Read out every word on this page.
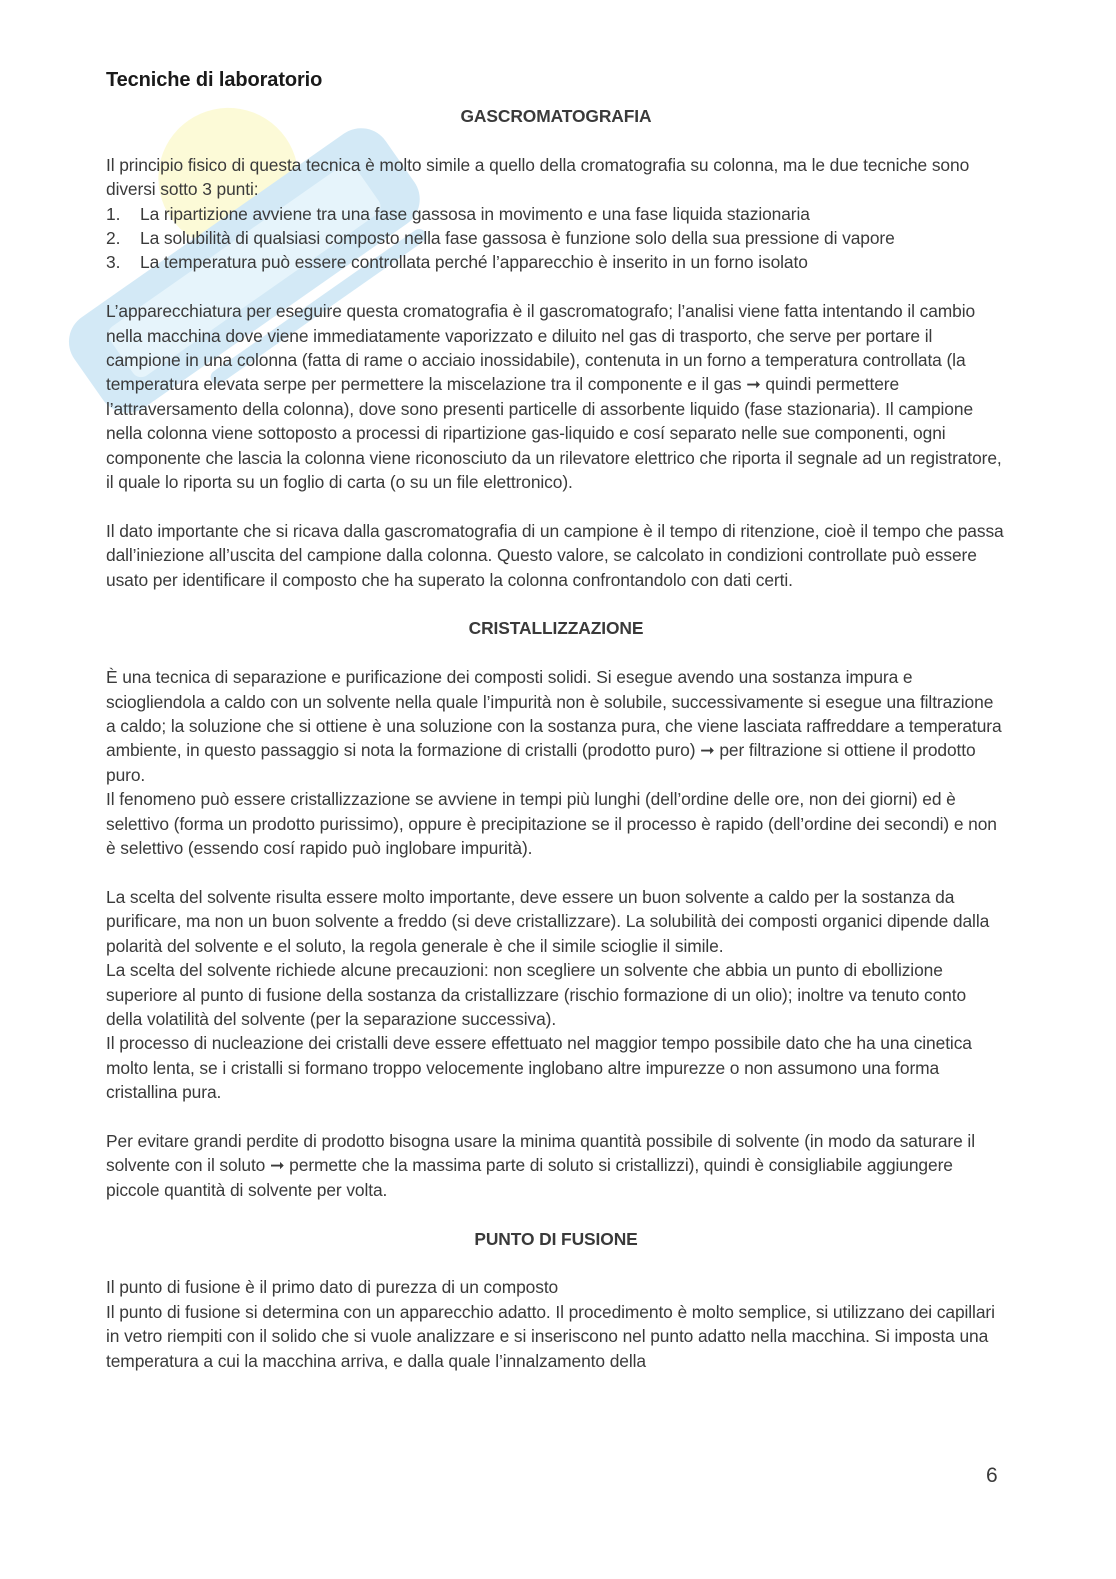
Tecniche di laboratorio
GASCROMATOGRAFIA

Il principio fisico di questa tecnica è molto simile a quello della cromatografia su colonna, ma le due tecniche sono diversi sotto 3 punti:

1.	La ripartizione avviene tra una fase gassosa in movimento e una fase liquida stazionaria
2.	La solubilità di qualsiasi composto nella fase gassosa è funzione solo della sua pressione di vapore
3.	La temperatura può essere controllata perché l’apparecchio è inserito in un forno isolato

L’apparecchiatura per eseguire questa cromatografia è il gascromatografo; l’analisi viene fatta intentando il cambio nella macchina dove viene immediatamente vaporizzato e diluito nel gas di trasporto, che serve per portare il campione in una colonna (fatta di rame o acciaio inossidabile), contenuta in un forno a temperatura controllata (la temperatura elevata serpe per permettere la miscelazione tra il componente e il gas ➞ quindi permettere l’attraversamento della colonna), dove sono presenti particelle di assorbente liquido (fase stazionaria). Il campione nella colonna viene sottoposto a processi di ripartizione gas-liquido e cosí separato nelle sue componenti, ogni componente che lascia la colonna viene riconosciuto da un rilevatore elettrico che riporta il segnale ad un registratore, il quale lo riporta su un foglio di carta (o su un file elettronico).

Il dato importante che si ricava dalla gascromatografia di un campione è il tempo di ritenzione, cioè il tempo che passa dall’iniezione all’uscita del campione dalla colonna. Questo valore, se calcolato in condizioni controllate può essere usato per identificare il composto che ha superato la colonna confrontandolo con dati certi.

CRISTALLIZZAZIONE

È una tecnica di separazione e purificazione dei composti solidi. Si esegue avendo una sostanza impura e sciogliendola a caldo con un solvente nella quale l’impurità non è solubile, successivamente si esegue una filtrazione a caldo; la soluzione che si ottiene è una soluzione con la sostanza pura, che viene lasciata raffreddare a temperatura ambiente, in questo passaggio si nota la formazione di cristalli (prodotto puro) ➞ per filtrazione si ottiene il prodotto puro.

Il fenomeno può essere cristallizzazione se avviene in tempi più lunghi (dell’ordine delle ore, non dei giorni) ed è selettivo (forma un prodotto purissimo), oppure è precipitazione se il processo è rapido (dell’ordine dei secondi) e non è selettivo (essendo cosí rapido può inglobare impurità).

La scelta del solvente risulta essere molto importante, deve essere un buon solvente a caldo per la sostanza da purificare, ma non un buon solvente a freddo (si deve cristallizzare). La solubilità dei composti organici dipende dalla polarità del solvente e el soluto, la regola generale è che il simile scioglie il simile.

La scelta del solvente richiede alcune precauzioni: non scegliere un solvente che abbia un punto di ebollizione superiore al punto di fusione della sostanza da cristallizzare (rischio formazione di un olio); inoltre va tenuto conto della volatilità del solvente (per la separazione successiva).

Il processo di nucleazione dei cristalli deve essere effettuato nel maggior tempo possibile dato che ha una cinetica molto lenta, se i cristalli si formano troppo velocemente inglobano altre impurezze o non assumono una forma cristallina pura.

Per evitare grandi perdite di prodotto bisogna usare la minima quantità possibile di solvente (in modo da saturare il solvente con il soluto ➞ permette che la massima parte di soluto si cristallizzi), quindi è consigliabile aggiungere piccole quantità di solvente per volta.

PUNTO DI FUSIONE

Il punto di fusione è il primo dato di purezza di un composto

Il punto di fusione si determina con un apparecchio adatto. Il procedimento è molto semplice, si utilizzano dei capillari in vetro riempiti con il solido che si vuole analizzare e si inseriscono nel punto adatto nella macchina. Si imposta una temperatura a cui la macchina arriva, e dalla quale l’innalzamento della

6
